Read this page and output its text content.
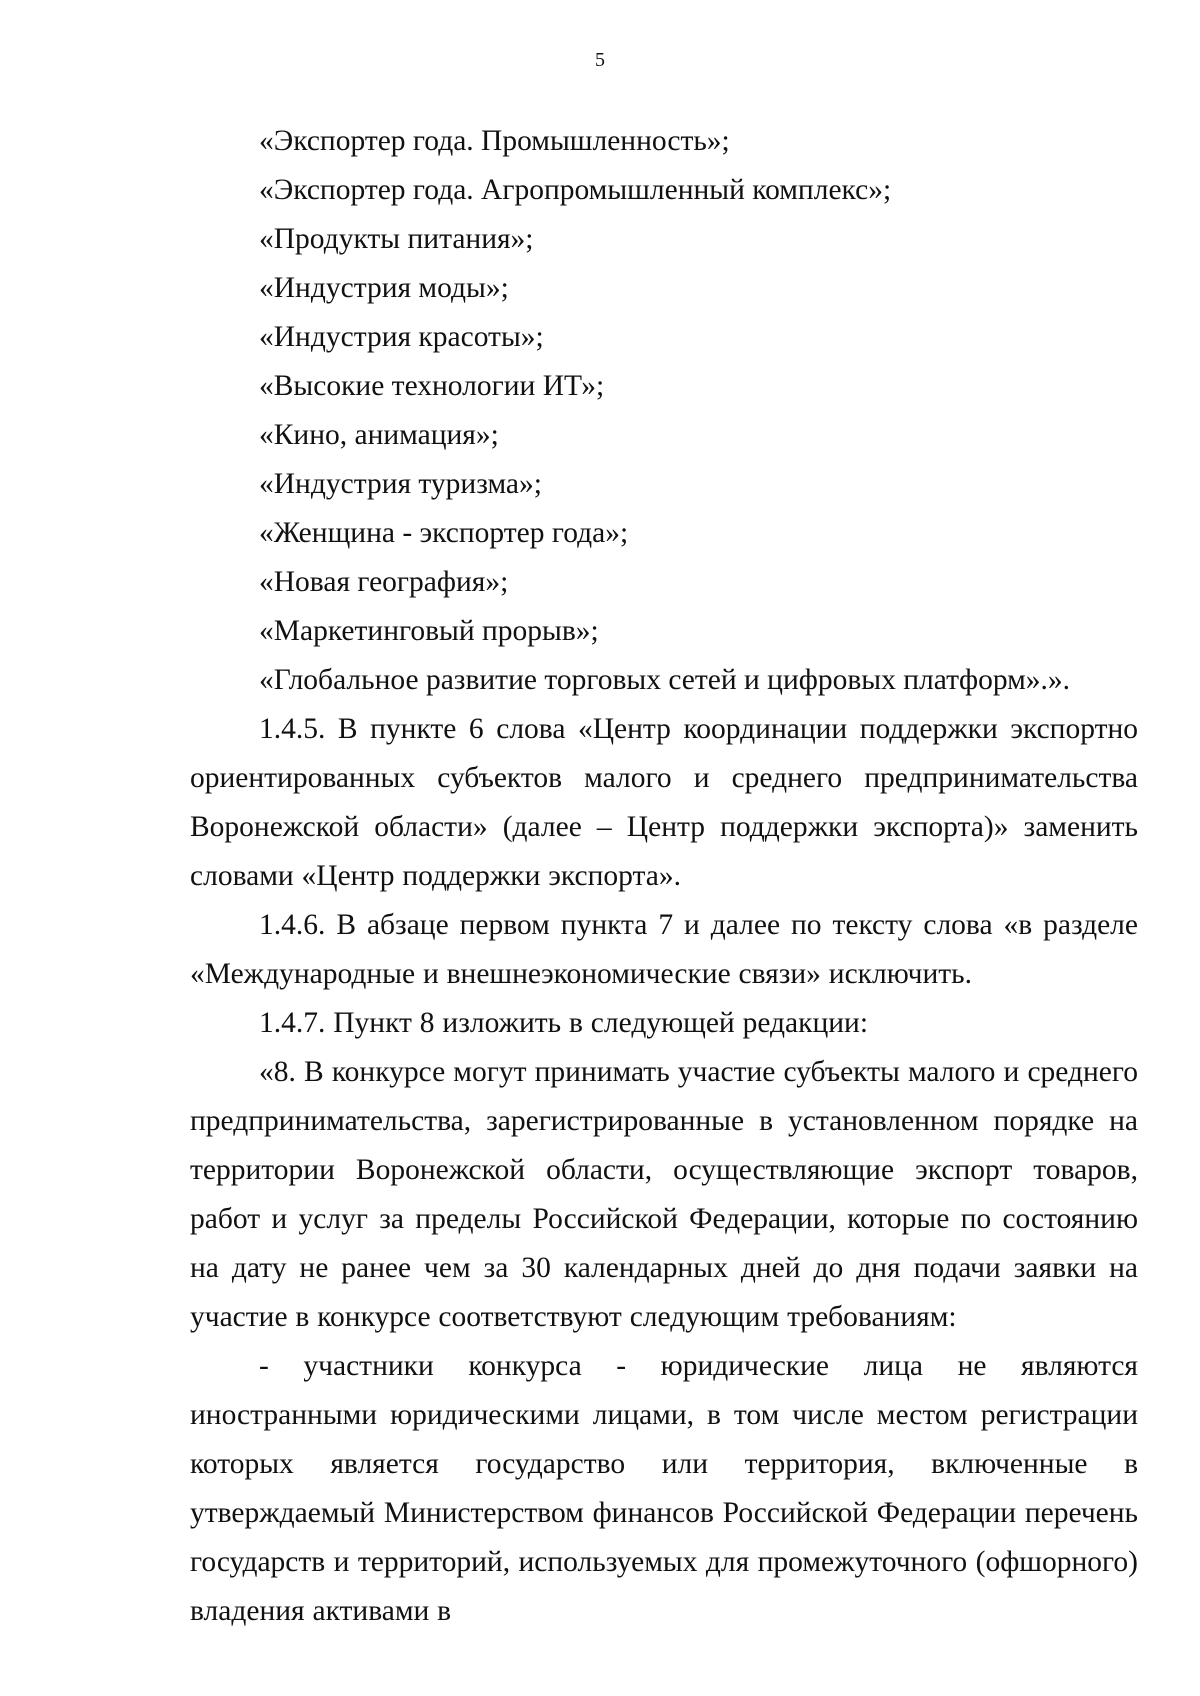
5

«Экспортер года. Промышленность»;

«Экспортер года. Агропромышленный комплекс»;

«Продукты питания»;

«Индустрия моды»;

«Индустрия красоты»;

«Высокие технологии ИТ»;

«Кино, анимация»;

«Индустрия туризма»;

«Женщина - экспортер года»;

«Новая география»;

«Маркетинговый прорыв»;

«Глобальное развитие торговых сетей и цифровых платформ».».

1.4.5. В пункте 6 слова «Центр координации поддержки экспортно ориентированных субъектов малого и среднего предпринимательства Воронежской области» (далее – Центр поддержки экспорта)» заменить словами «Центр поддержки экспорта».

1.4.6. В абзаце первом пункта 7 и далее по тексту слова «в разделе «Международные и внешнеэкономические связи» исключить.

1.4.7. Пункт 8 изложить в следующей редакции:

«8. В конкурсе могут принимать участие субъекты малого и среднего предпринимательства, зарегистрированные в установленном порядке на территории Воронежской области, осуществляющие экспорт товаров, работ и услуг за пределы Российской Федерации, которые по состоянию на дату не ранее чем за 30 календарных дней до дня подачи заявки на участие в конкурсе соответствуют следующим требованиям:

- участники конкурса - юридические лица не являются иностранными юридическими лицами, в том числе местом регистрации которых является государство или территория, включенные в утверждаемый Министерством финансов Российской Федерации перечень государств и территорий, используемых для промежуточного (офшорного) владения активами в
